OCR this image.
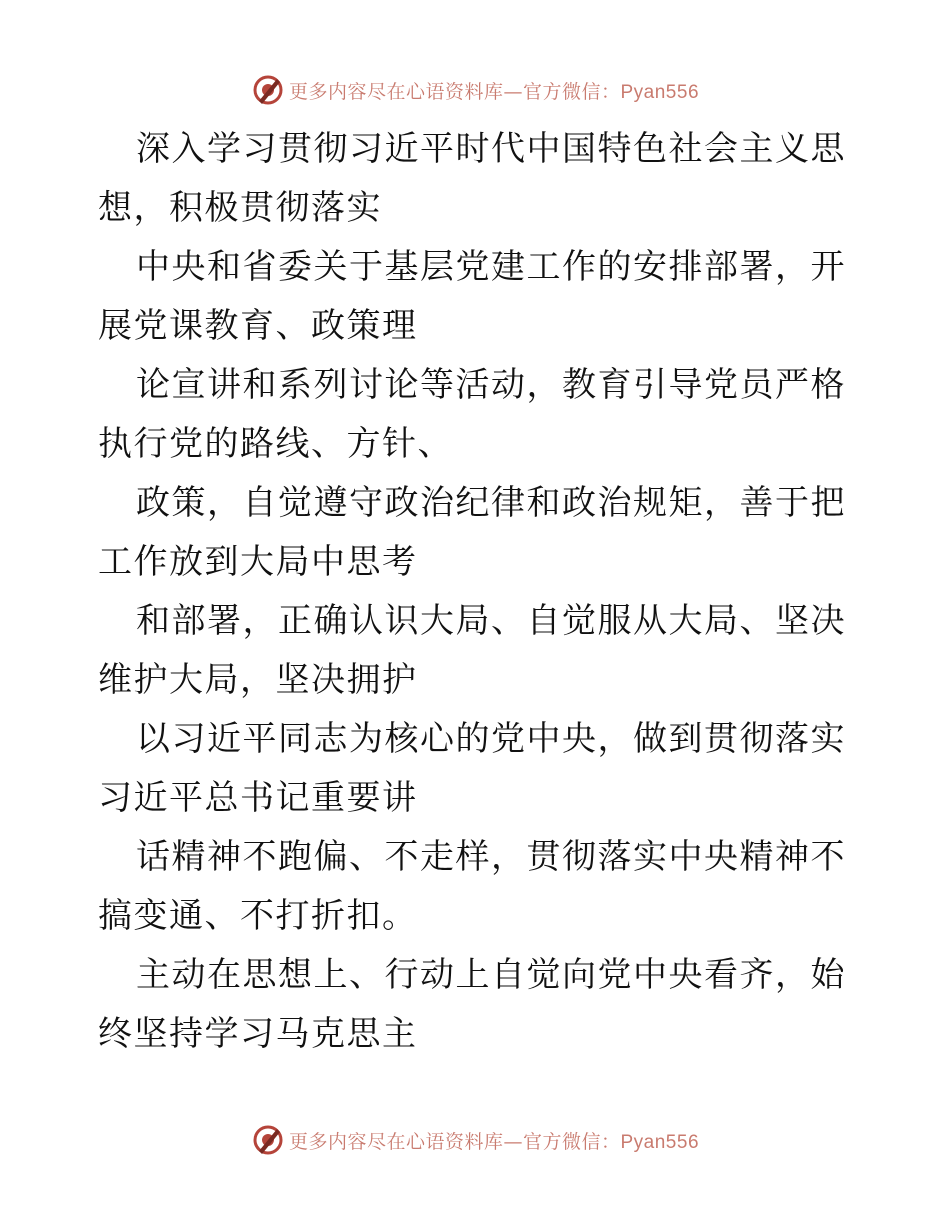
更多内容尽在心语资料库—官方微信：Pyan556

深入学习贯彻习近平时代中国特色社会主义思想，积极贯彻落实

中央和省委关于基层党建工作的安排部署，开展党课教育、政策理

论宣讲和系列讨论等活动，教育引导党员严格执行党的路线、方针、

政策，自觉遵守政治纪律和政治规矩，善于把工作放到大局中思考

和部署，正确认识大局、自觉服从大局、坚决维护大局，坚决拥护

以习近平同志为核心的党中央，做到贯彻落实习近平总书记重要讲

话精神不跑偏、不走样，贯彻落实中央精神不搞变通、不打折扣。

主动在思想上、行动上自觉向党中央看齐，始终坚持学习马克思主

更多内容尽在心语资料库—官方微信：Pyan556
